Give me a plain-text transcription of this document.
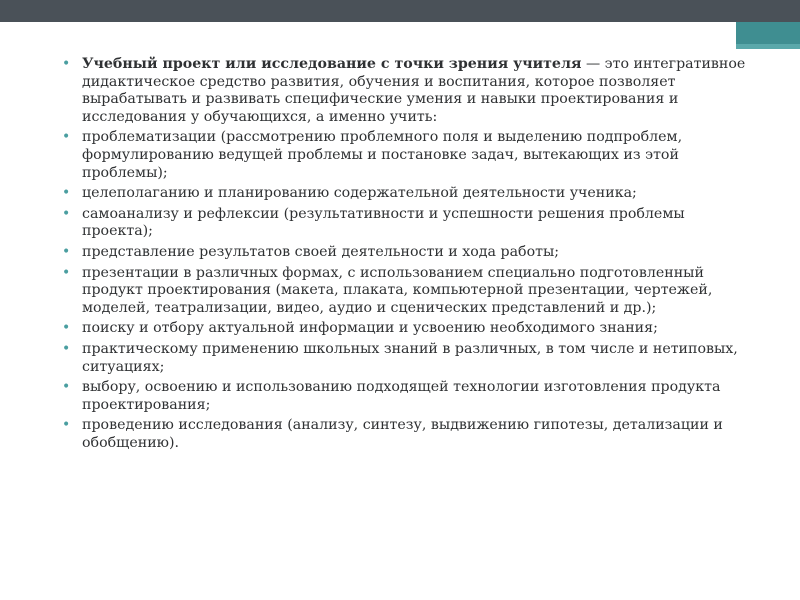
• Учебный проект или исследование с точки зрения учителя — это интегративное дидактическое средство развития, обучения и воспитания, которое позволяет вырабатывать и развивать специфические умения и навыки проектирования и исследования у обучающихся, а именно учить:
• проблематизации (рассмотрению проблемного поля и выделению подпроблем, формулированию ведущей проблемы и постановке задач, вытекающих из этой проблемы);
• целеполаганию и планированию содержательной деятельности ученика;
• самоанализу и рефлексии (результативности и успешности решения проблемы проекта);
• представление результатов своей деятельности и хода работы;
• презентации в различных формах, с использованием специально подготовленный продукт проектирования (макета, плаката, компьютерной презентации, чертежей, моделей, театрализации, видео, аудио и сценических представлений и др.);
• поиску и отбору актуальной информации и усвоению необходимого знания;
• практическому применению школьных знаний в различных, в том числе и нетиповых, ситуациях;
• выбору, освоению и использованию подходящей технологии изготовления продукта проектирования;
• проведению исследования (анализу, синтезу, выдвижению гипотезы, детализации и обобщению).
